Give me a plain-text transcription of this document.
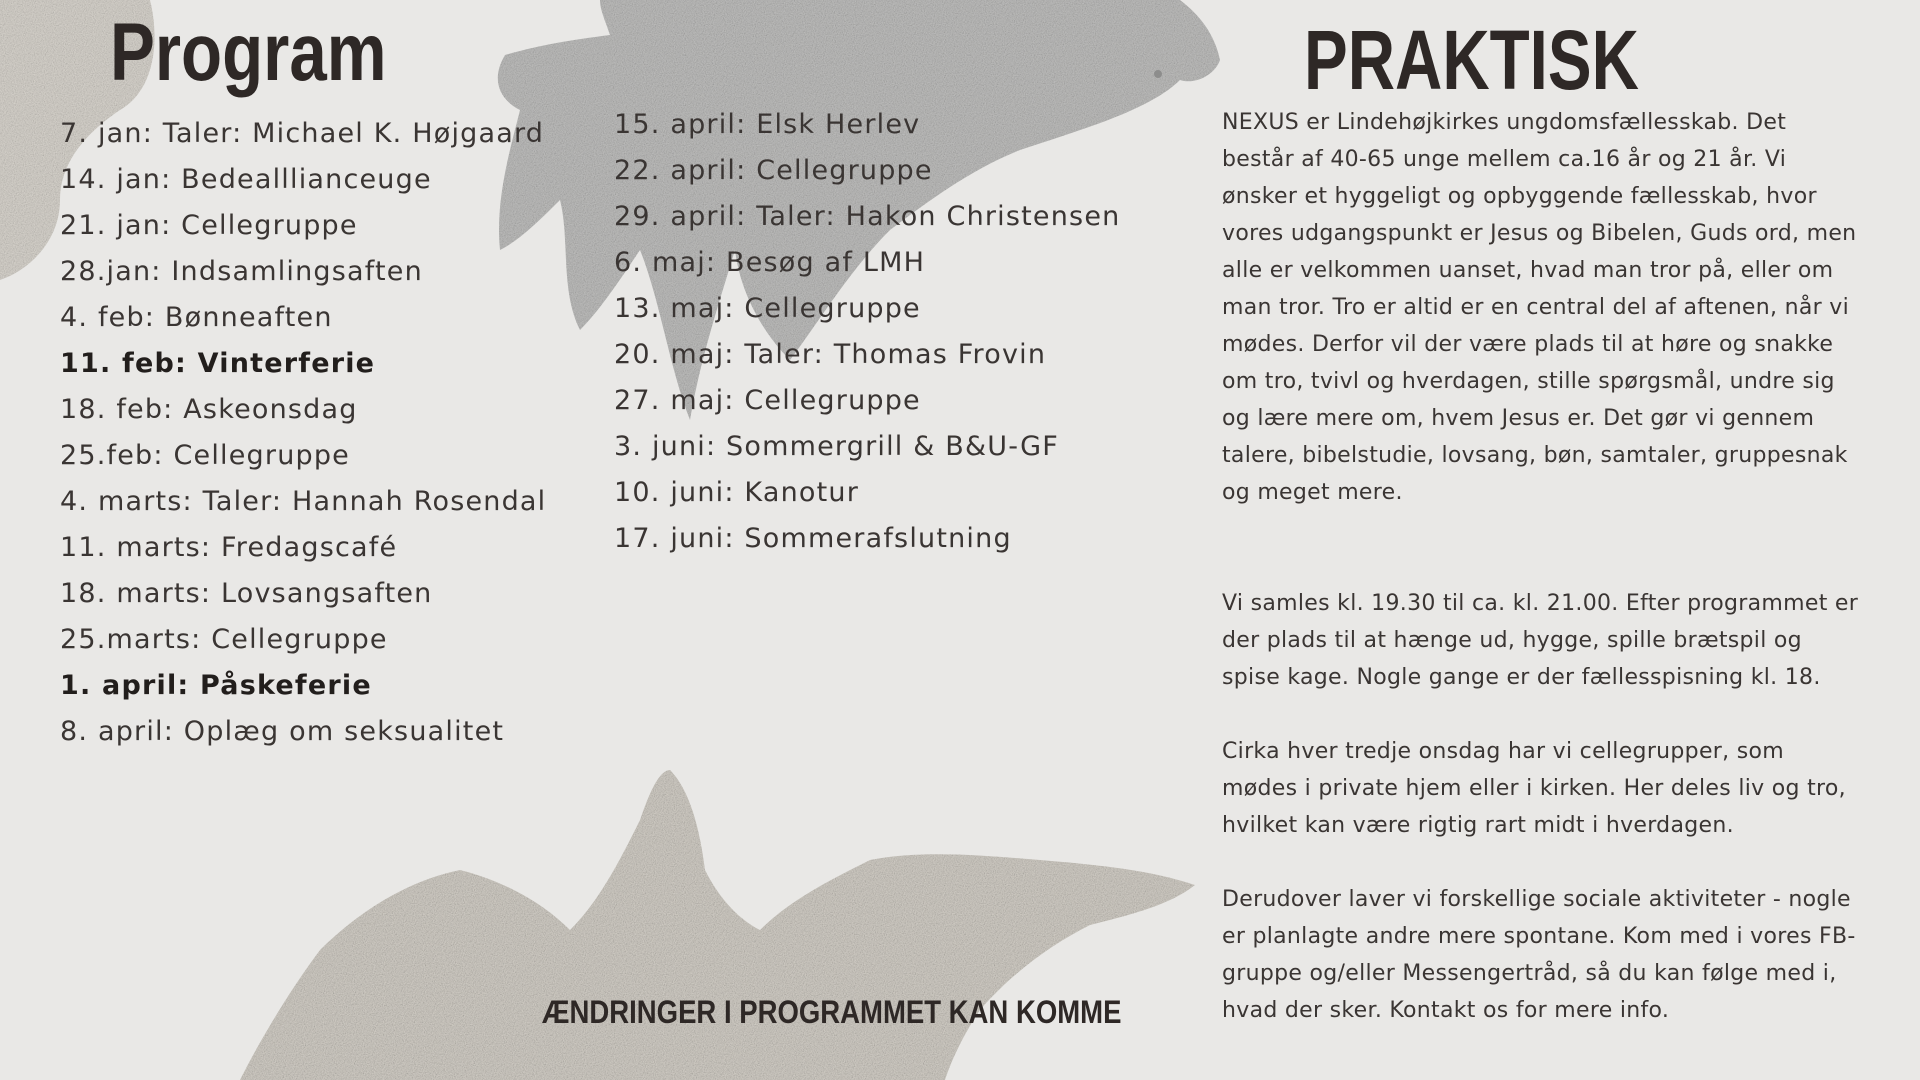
Program
7. jan: Taler: Michael K. Højgaard
14. jan: Bedealllianceuge
21. jan: Cellegruppe
28.jan: Indsamlingsaften
4. feb: Bønneaften
11. feb: Vinterferie
18. feb: Askeonsdag
25.feb: Cellegruppe
4. marts: Taler: Hannah Rosendal
11. marts: Fredagscafé
18. marts: Lovsangsaften
25.marts: Cellegruppe
1. april: Påskeferie
8. april: Oplæg om seksualitet
15. april: Elsk Herlev
22. april: Cellegruppe
29. april: Taler: Hakon Christensen
6. maj: Besøg af LMH
13. maj: Cellegruppe
20. maj: Taler: Thomas Frovin
27. maj: Cellegruppe
3. juni: Sommergrill & B&U-GF
10. juni: Kanotur
17. juni: Sommerafslutning
PRAKTISK

NEXUS er Lindehøjkirkes ungdomsfællesskab. Det består af 40-65 unge mellem ca.16 år og 21 år. Vi ønsker et hyggeligt og opbyggende fællesskab, hvor vores udgangspunkt er Jesus og Bibelen, Guds ord, men alle er velkommen uanset, hvad man tror på, eller om man tror. Tro er altid er en central del af aftenen, når vi mødes. Derfor vil der være plads til at høre og snakke om tro, tvivl og hverdagen, stille spørgsmål, undre sig og lære mere om, hvem Jesus er. Det gør vi gennem talere, bibelstudie, lovsang, bøn, samtaler, gruppesnak og meget mere.

Vi samles kl. 19.30 til ca. kl. 21.00. Efter programmet er der plads til at hænge ud, hygge, spille brætspil og spise kage. Nogle gange er der fællesspisning kl. 18.

Cirka hver tredje onsdag har vi cellegrupper, som mødes i private hjem eller i kirken. Her deles liv og tro, hvilket kan være rigtig rart midt i hverdagen.

Derudover laver vi forskellige sociale aktiviteter - nogle er planlagte andre mere spontane. Kom med i vores FB-gruppe og/eller Messengertråd, så du kan følge med i, hvad der sker. Kontakt os for mere info.

ÆNDRINGER I PROGRAMMET KAN KOMME
